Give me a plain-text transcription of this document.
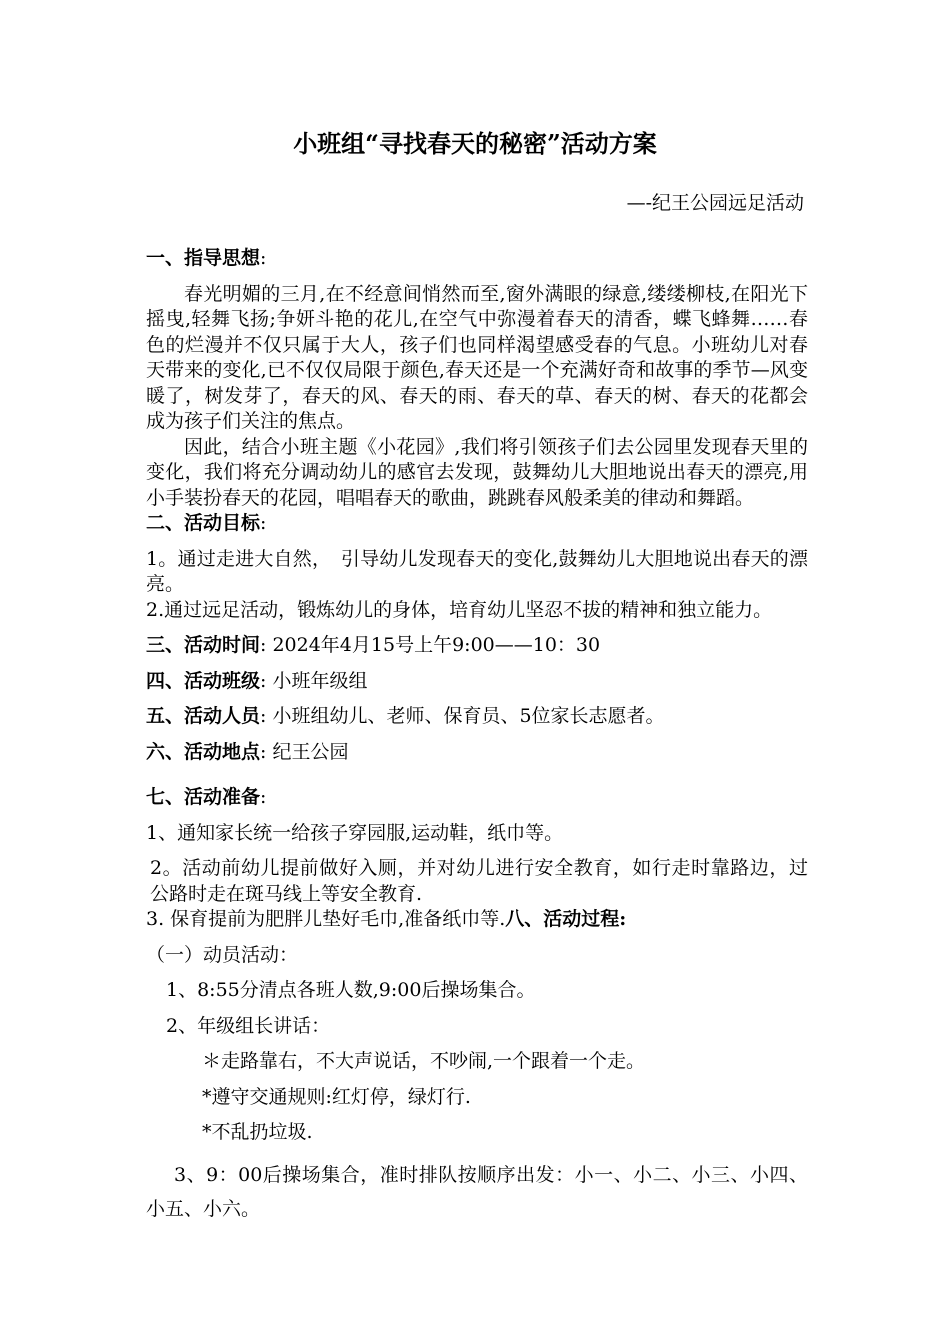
小班组“寻找春天的秘密”活动方案
—-纪王公园远足活动

一、指导思想:

春光明媚的三月,在不经意间悄然而至,窗外满眼的绿意,缕缕柳枝,在阳光下摇曳,轻舞飞扬;争妍斗艳的花儿,在空气中弥漫着春天的清香，蝶飞蜂舞……春色的烂漫并不仅只属于大人，孩子们也同样渴望感受春的气息。小班幼儿对春天带来的变化,已不仅仅局限于颜色,春天还是一个充满好奇和故事的季节—风变暖了，树发芽了，春天的风、春天的雨、春天的草、春天的树、春天的花都会成为孩子们关注的焦点。

因此，结合小班主题《小花园》,我们将引领孩子们去公园里发现春天里的变化，我们将充分调动幼儿的感官去发现，鼓舞幼儿大胆地说出春天的漂亮,用小手装扮春天的花园，唱唱春天的歌曲，跳跳春风般柔美的律动和舞蹈。

二、活动目标:

1。通过走进大自然，　引导幼儿发现春天的变化,鼓舞幼儿大胆地说出春天的漂亮。

2.通过远足活动，锻炼幼儿的身体，培育幼儿坚忍不拔的精神和独立能力。

三、活动时间: 2024年4月15号上午9:00——10：30

四、活动班级: 小班年级组

五、活动人员: 小班组幼儿、老师、保育员、5位家长志愿者。

六、活动地点: 纪王公园

七、活动准备:

1、通知家长统一给孩子穿园服,运动鞋，纸巾等。

2。活动前幼儿提前做好入厕，并对幼儿进行安全教育，如行走时靠路边，过公路时走在斑马线上等安全教育.

3. 保育提前为肥胖儿垫好毛巾,准备纸巾等.八、活动过程:

（一）动员活动：

1、8:55分清点各班人数,9:00后操场集合。

2、年级组长讲话：

＊走路靠右，不大声说话，不吵闹,一个跟着一个走。

*遵守交通规则:红灯停，绿灯行.

*不乱扔垃圾.

3、9：00后操场集合，准时排队按顺序出发：小一、小二、小三、小四、小五、小六。
